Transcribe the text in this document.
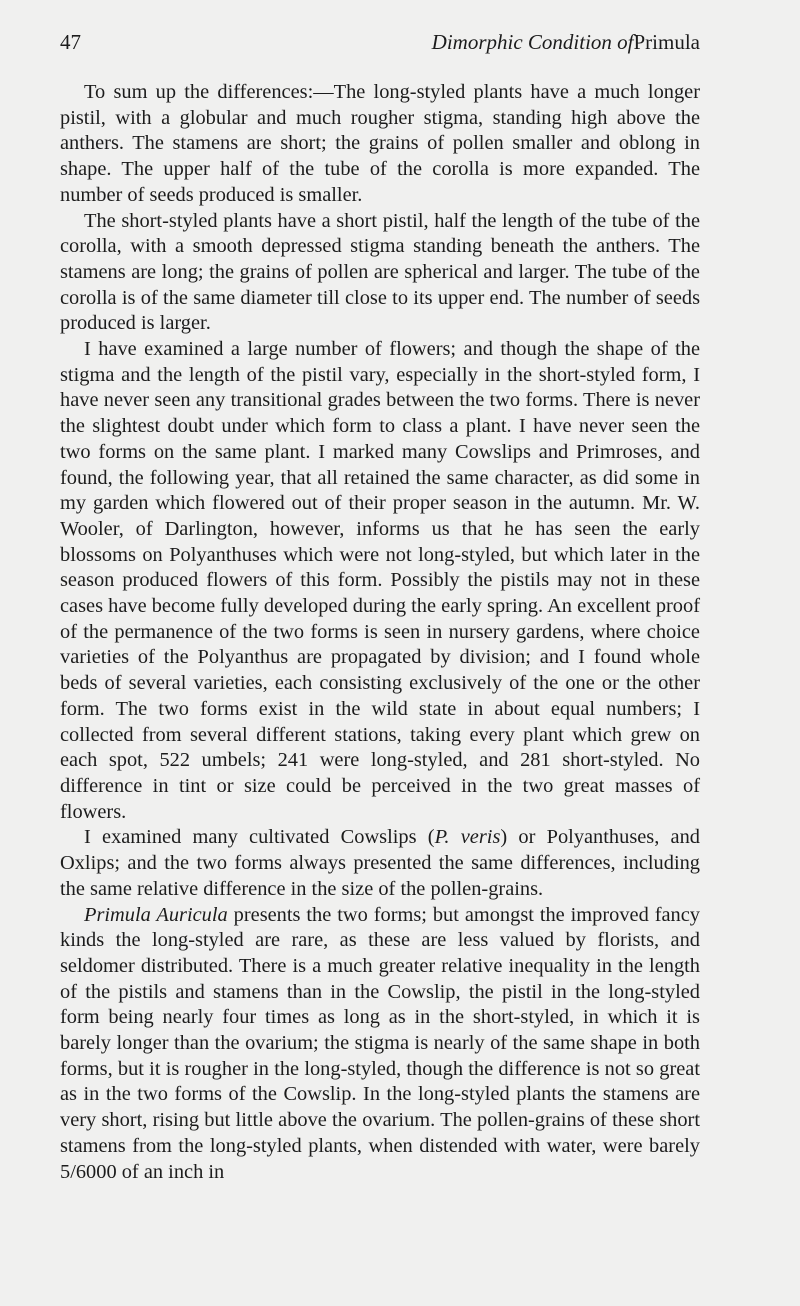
47	Dimorphic Condition ofPrimula

To sum up the differences:—The long-styled plants have a much longer pistil, with a globular and much rougher stigma, standing high above the anthers. The stamens are short; the grains of pollen smaller and oblong in shape. The upper half of the tube of the corolla is more expanded. The number of seeds produced is smaller.

The short-styled plants have a short pistil, half the length of the tube of the corolla, with a smooth depressed stigma standing beneath the anthers. The stamens are long; the grains of pollen are spherical and larger. The tube of the corolla is of the same diameter till close to its upper end. The number of seeds produced is larger.

I have examined a large number of flowers; and though the shape of the stigma and the length of the pistil vary, especially in the short-styled form, I have never seen any transitional grades between the two forms. There is never the slightest doubt under which form to class a plant. I have never seen the two forms on the same plant. I marked many Cowslips and Primroses, and found, the following year, that all retained the same character, as did some in my garden which flowered out of their proper season in the autumn. Mr. W. Wooler, of Darlington, however, informs us that he has seen the early blossoms on Polyanthuses which were not long-styled, but which later in the season produced flowers of this form. Possibly the pistils may not in these cases have become fully developed during the early spring. An excellent proof of the permanence of the two forms is seen in nursery gardens, where choice varieties of the Polyanthus are propagated by division; and I found whole beds of several varieties, each consisting exclusively of the one or the other form. The two forms exist in the wild state in about equal numbers; I collected from several different stations, taking every plant which grew on each spot, 522 umbels; 241 were long-styled, and 281 short-styled. No difference in tint or size could be perceived in the two great masses of flowers.

I examined many cultivated Cowslips (P. veris) or Polyanthuses, and Oxlips; and the two forms always presented the same differences, including the same relative difference in the size of the pollen-grains.

Primula Auricula presents the two forms; but amongst the improved fancy kinds the long-styled are rare, as these are less valued by florists, and seldomer distributed. There is a much greater relative inequality in the length of the pistils and stamens than in the Cowslip, the pistil in the long-styled form being nearly four times as long as in the short-styled, in which it is barely longer than the ovarium; the stigma is nearly of the same shape in both forms, but it is rougher in the long-styled, though the difference is not so great as in the two forms of the Cowslip. In the long-styled plants the stamens are very short, rising but little above the ovarium. The pollen-grains of these short stamens from the long-styled plants, when distended with water, were barely 5/6000 of an inch in
